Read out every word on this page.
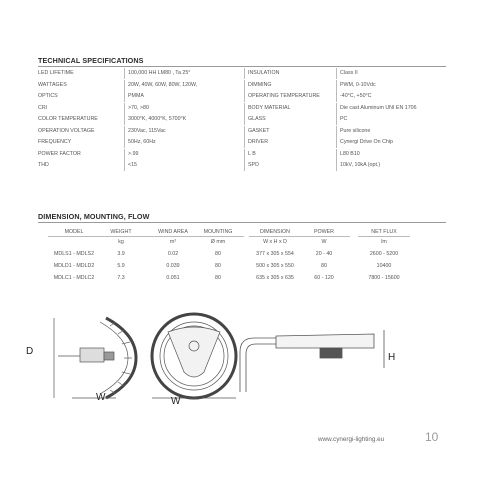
TECHNICAL SPECIFICATIONS
LED LIFETIME	100,000 HH LM80 , Ta 25°	INSULATION	Class II
WATTAGES	20W, 40W, 60W, 80W, 120W,	DIMMING	PWM, 0-10Vdc
OPTICS	PMMA	OPERATING TEMPERATURE	-40°C, +50°C
CRI	>70, >80	BODY MATERIAL	Die cast Aluminum UNI EN 1706
COLOR TEMPERATURE	3000°K, 4000°K, 5700°K	GLASS	PC
OPERATION VOLTAGE	230Vac, 115Vac	GASKET	Pure silicone
FREQUENCY	50Hz, 60Hz	DRIVER	Cynergi Drive On Chip
POWER FACTOR	>.99	L B	L80 B10
THD	<15	SPD	10kV, 10kA (opt.)
DIMENSION, MOUNTING, FLOW
MODEL	WEIGHT	WIND AREA	MOUNTING	DIMENSION	POWER	NET FLUX
kg	m²	Ø mm	W x H x D	W	lm
MDLS1 - MDLS2	3.9	0.02	80	377 x 305 x 554	20 - 40	2600 - 5200
MDLD1 - MDLD2	5.9	0.039	80	500 x 305 x 550	80	10400
MDLC1 - MDLC2	7.3	0.051	80	635 x 305 x 635	60 - 120	7800 - 15600
D
W	W
H
www.cynergi-lighting.eu	10
